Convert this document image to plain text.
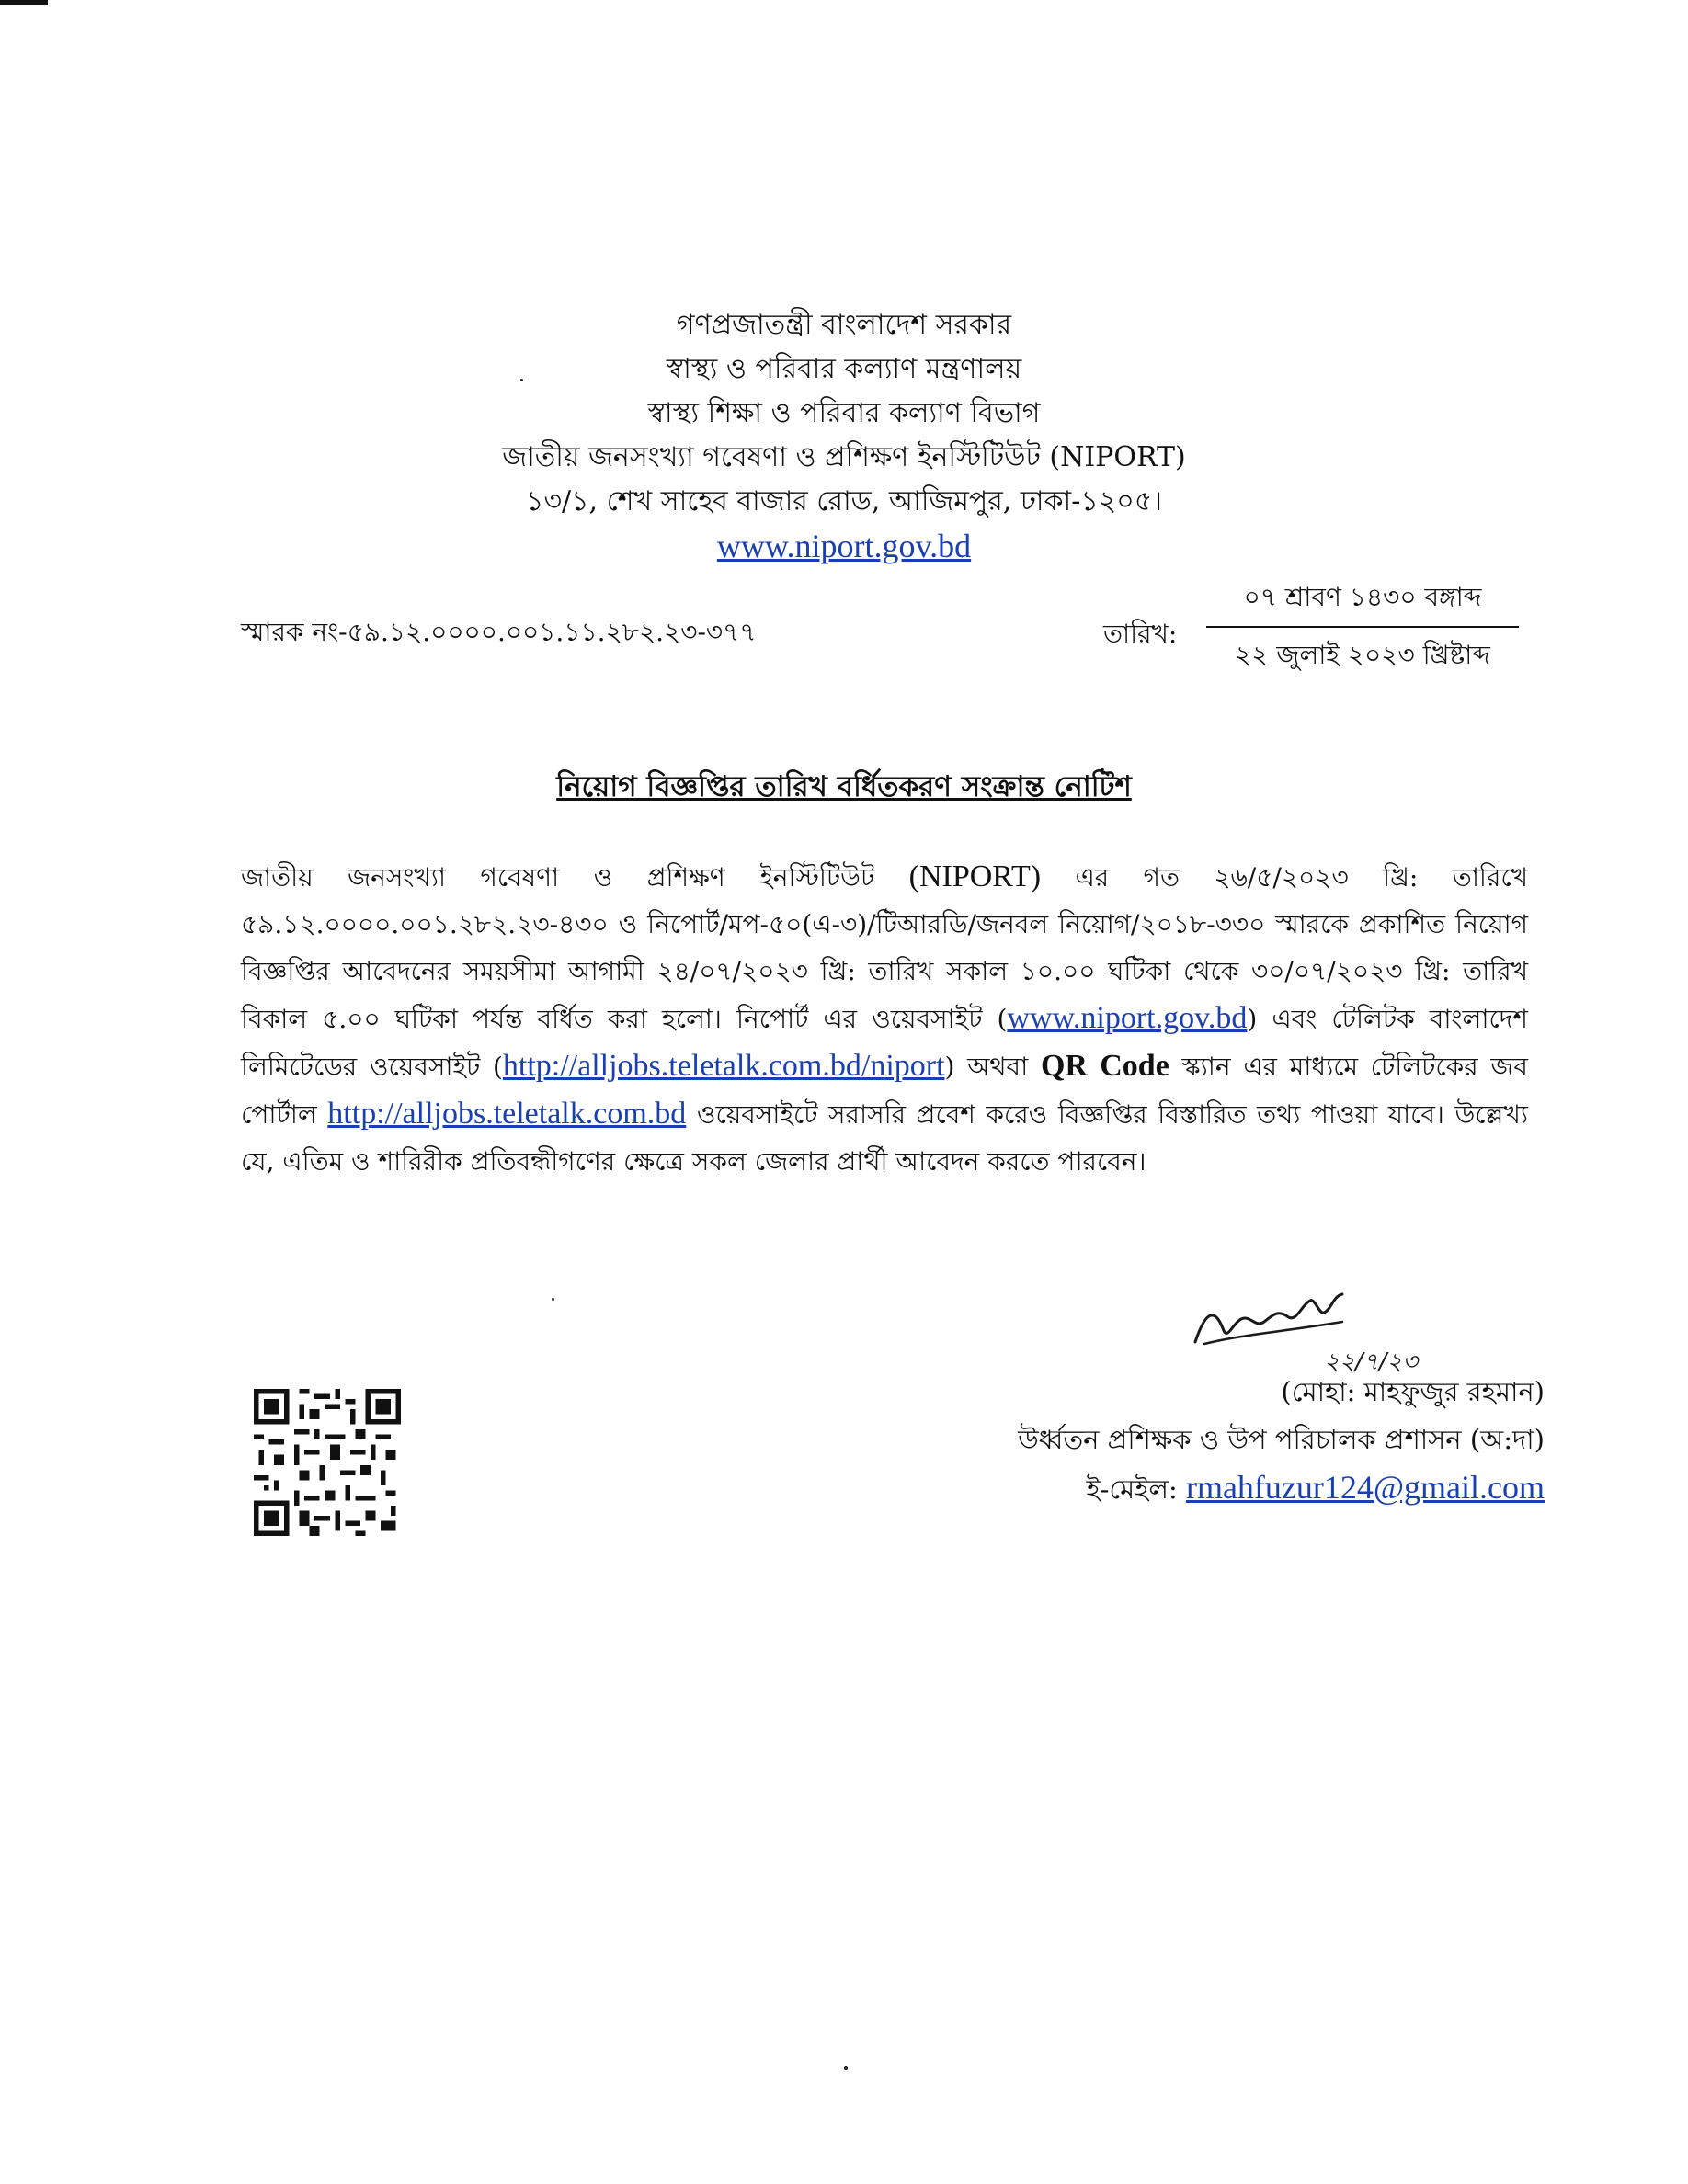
গণপ্রজাতন্ত্রী বাংলাদেশ সরকার
স্বাস্থ্য ও পরিবার কল্যাণ মন্ত্রণালয়
স্বাস্থ্য শিক্ষা ও পরিবার কল্যাণ বিভাগ
জাতীয় জনসংখ্যা গবেষণা ও প্রশিক্ষণ ইনস্টিটিউট (NIPORT)
১৩/১, শেখ সাহেব বাজার রোড, আজিমপুর, ঢাকা-১২০৫।
www.niport.gov.bd
স্মারক নং-৫৯.১২.০০০০.০০১.১১.২৮২.২৩-৩৭৭	তারিখ:
০৭ শ্রাবণ ১৪৩০ বঙ্গাব্দ
২২ জুলাই ২০২৩ খ্রিষ্টাব্দ
নিয়োগ বিজ্ঞপ্তির তারিখ বর্ধিতকরণ সংক্রান্ত নোটিশ
জাতীয় জনসংখ্যা গবেষণা ও প্রশিক্ষণ ইনস্টিটিউট (NIPORT) এর গত ২৬/৫/২০২৩ খ্রি: তারিখে ৫৯.১২.০০০০.০০১.২৮২.২৩-৪৩০ ও নিপোর্ট/মপ-৫০(এ-৩)/টিআরডি/জনবল নিয়োগ/২০১৮-৩৩০ স্মারকে প্রকাশিত নিয়োগ বিজ্ঞপ্তির আবেদনের সময়সীমা আগামী ২৪/০৭/২০২৩ খ্রি: তারিখ সকাল ১০.০০ ঘটিকা থেকে ৩০/০৭/২০২৩ খ্রি: তারিখ বিকাল ৫.০০ ঘটিকা পর্যন্ত বর্ধিত করা হলো। নিপোর্ট এর ওয়েবসাইট (www.niport.gov.bd) এবং টেলিটক বাংলাদেশ লিমিটেডের ওয়েবসাইট (http://alljobs.teletalk.com.bd/niport) অথবা QR Code স্ক্যান এর মাধ্যমে টেলিটকের জব পোর্টাল http://alljobs.teletalk.com.bd ওয়েবসাইটে সরাসরি প্রবেশ করেও বিজ্ঞপ্তির বিস্তারিত তথ্য পাওয়া যাবে। উল্লেখ্য যে, এতিম ও শারিরীক প্রতিবন্ধীগণের ক্ষেত্রে সকল জেলার প্রার্থী আবেদন করতে পারবেন।
২২/৭/২৩
(মোহা: মাহফুজুর রহমান)
উর্ধ্বতন প্রশিক্ষক ও উপ পরিচালক প্রশাসন (অ:দা)
ই-মেইল: rmahfuzur124@gmail.com
